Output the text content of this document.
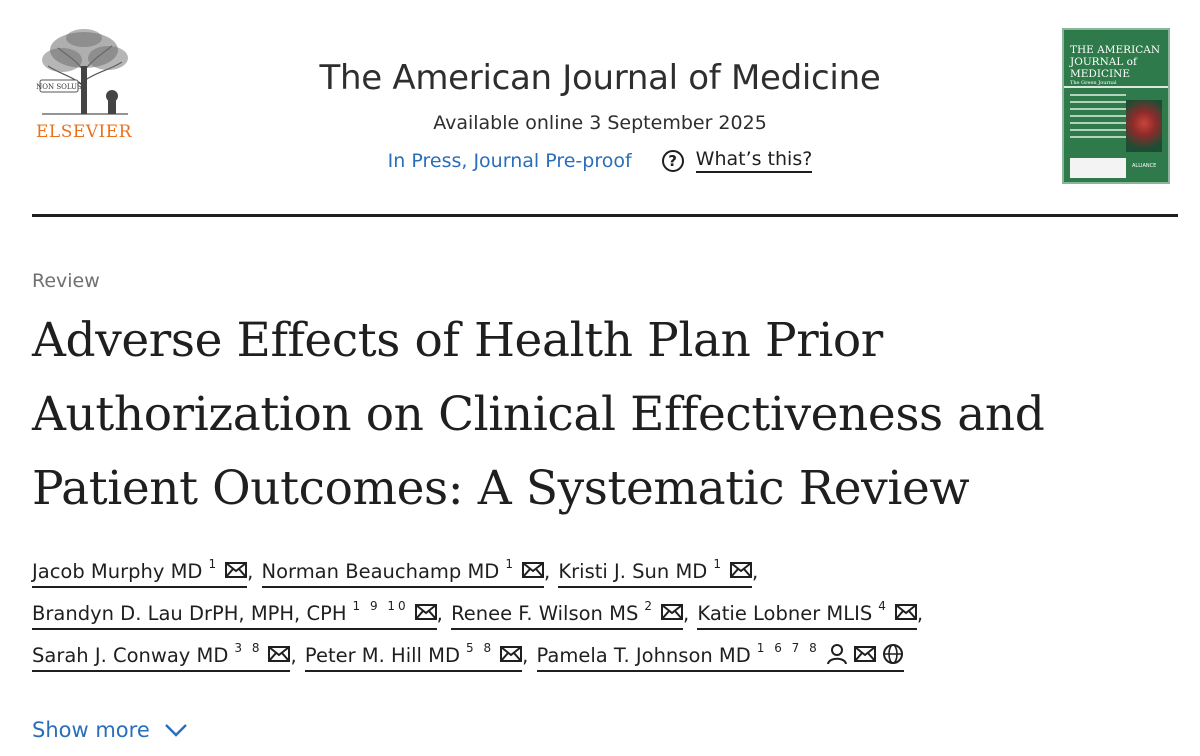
NON SOLUS
ELSEVIER
The American Journal of Medicine
Available online 3 September 2025
In Press, Journal Pre-proof	? What’s this?
THE AMERICAN
JOURNAL of
MEDICINE
The Green Journal
ALLIANCE
Review
Adverse Effects of Health Plan Prior Authorization on Clinical Effectiveness and Patient Outcomes: A Systematic Review
Jacob Murphy MD 1 , Norman Beauchamp MD 1 , Kristi J. Sun MD 1 ,
Brandyn D. Lau DrPH, MPH, CPH 1 9 10 , Renee F. Wilson MS 2 , Katie Lobner MLIS 4 ,
Sarah J. Conway MD 3 8 , Peter M. Hill MD 5 8 , Pamela T. Johnson MD 1 6 7 8
Show more
